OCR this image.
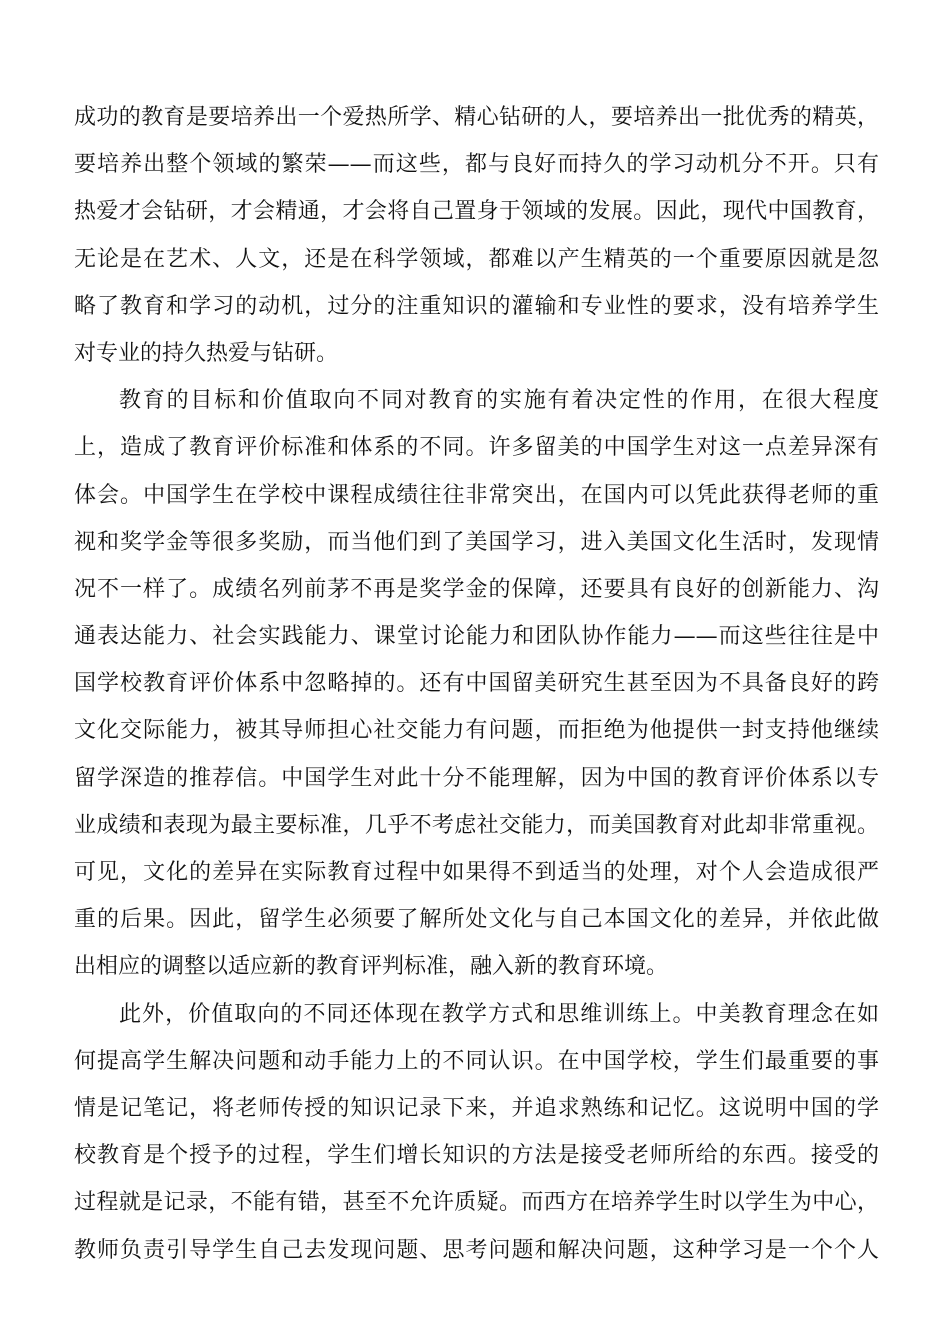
成功的教育是要培养出一个爱热所学、精心钻研的人，要培养出一批优秀的精英，
要培养出整个领域的繁荣——而这些，都与良好而持久的学习动机分不开。只有
热爱才会钻研，才会精通，才会将自己置身于领域的发展。因此，现代中国教育，
无论是在艺术、人文，还是在科学领域，都难以产生精英的一个重要原因就是忽
略了教育和学习的动机，过分的注重知识的灌输和专业性的要求，没有培养学生
对专业的持久热爱与钻研。
教育的目标和价值取向不同对教育的实施有着决定性的作用，在很大程度
上，造成了教育评价标准和体系的不同。许多留美的中国学生对这一点差异深有
体会。中国学生在学校中课程成绩往往非常突出，在国内可以凭此获得老师的重
视和奖学金等很多奖励，而当他们到了美国学习，进入美国文化生活时，发现情
况不一样了。成绩名列前茅不再是奖学金的保障，还要具有良好的创新能力、沟
通表达能力、社会实践能力、课堂讨论能力和团队协作能力——而这些往往是中
国学校教育评价体系中忽略掉的。还有中国留美研究生甚至因为不具备良好的跨
文化交际能力，被其导师担心社交能力有问题，而拒绝为他提供一封支持他继续
留学深造的推荐信。中国学生对此十分不能理解，因为中国的教育评价体系以专
业成绩和表现为最主要标准，几乎不考虑社交能力，而美国教育对此却非常重视。
可见，文化的差异在实际教育过程中如果得不到适当的处理，对个人会造成很严
重的后果。因此，留学生必须要了解所处文化与自己本国文化的差异，并依此做
出相应的调整以适应新的教育评判标准，融入新的教育环境。
此外，价值取向的不同还体现在教学方式和思维训练上。中美教育理念在如
何提高学生解决问题和动手能力上的不同认识。在中国学校，学生们最重要的事
情是记笔记，将老师传授的知识记录下来，并追求熟练和记忆。这说明中国的学
校教育是个授予的过程，学生们增长知识的方法是接受老师所给的东西。接受的
过程就是记录，不能有错，甚至不允许质疑。而西方在培养学生时以学生为中心，
教师负责引导学生自己去发现问题、思考问题和解决问题，这种学习是一个个人
